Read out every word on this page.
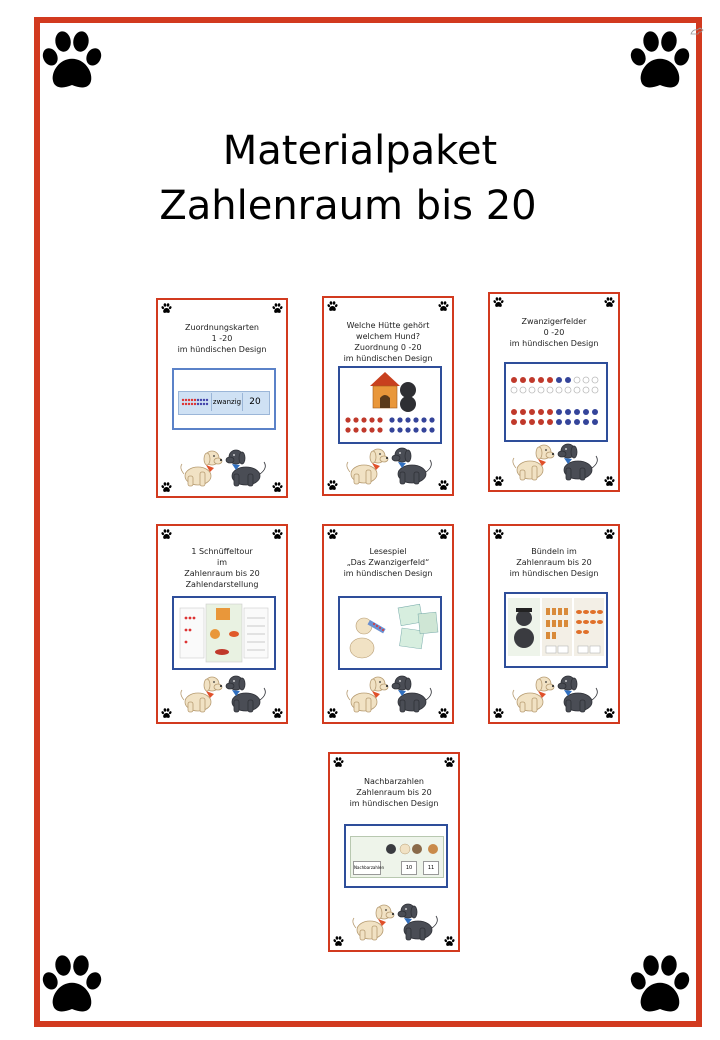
Materialpaket
Zahlenraum bis 20
Zuordnungskarten
1 -20
im hündischen Design
zwanzig 20
Welche Hütte gehört
welchem Hund?
Zuordnung 0 -20
im hündischen Design
Zwanzigerfelder
0 -20
im hündischen Design
1 Schnüffeltour
im
Zahlenraum bis 20
Zahlendarstellung
Lesespiel
„Das Zwanzigerfeld“
im hündischen Design
Bündeln im
Zahlenraum bis 20
im hündischen Design
Nachbarzahlen
Zahlenraum bis 20
im hündischen Design
Nachbarzahlen	10	11
